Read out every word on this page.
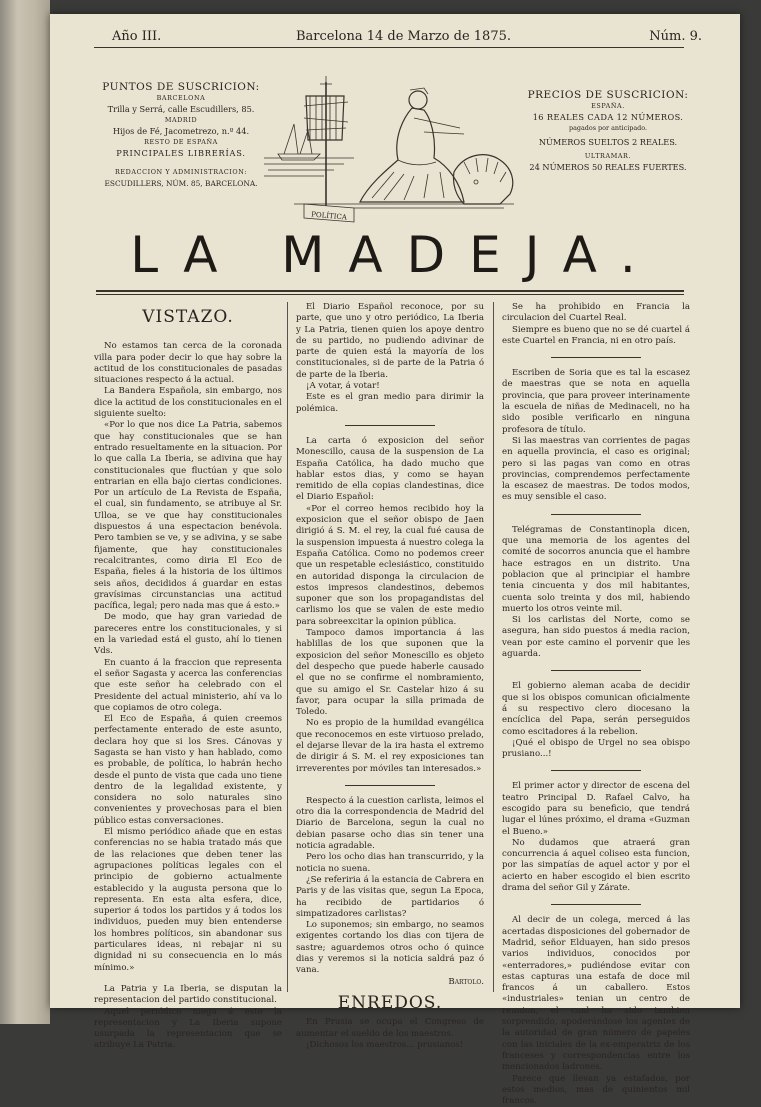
Año III.	Barcelona 14 de Marzo de 1875.	Núm. 9.
PUNTOS DE SUSCRICION:
BARCELONA
Trilla y Serrá, calle Escudillers, 85.
MADRID
Hijos de Fé, Jacometrezo, n.º 44.
RESTO DE ESPAÑA
PRINCIPALES LIBRERÍAS.
REDACCION Y ADMINISTRACION:
ESCUDILLERS, NÚM. 85, BARCELONA.
POLÍTICA
PRECIOS DE SUSCRICION:
ESPAÑA.
16 REALES CADA 12 NÚMEROS.
pagados por anticipado.
NÚMEROS SUELTOS 2 REALES.
ULTRAMAR.
24 NÚMEROS 50 REALES FUERTES.
LA MADEJA.
VISTAZO.

No estamos tan cerca de la coronada villa para poder decir lo que hay sobre la actitud de los constitucionales de pasadas situaciones respecto á la actual.

La Bandera Española, sin embargo, nos dice la actitud de los constitucionales en el siguiente suelto:

«Por lo que nos dice La Patria, sabemos que hay constitucionales que se han entrado resueltamente en la situacion. Por lo que calla La Iberia, se adivina que hay constitucionales que fluctúan y que solo entrarian en ella bajo ciertas condiciones. Por un artículo de La Revista de España, el cual, sin fundamento, se atribuye al Sr. Ulloa, se ve que hay constitucionales dispuestos á una espectacion benévola. Pero tambien se ve, y se adivina, y se sabe fijamente, que hay constitucionales recalcitrantes, como diria El Eco de España, fieles á la historia de los últimos seis años, decididos á guardar en estas gravísimas circunstancias una actitud pacífica, legal; pero nada mas que á esto.»

De modo, que hay gran variedad de pareceres entre los constitucionales, y si en la variedad está el gusto, ahí lo tienen Vds.

En cuanto á la fraccion que representa el señor Sagasta y acerca las conferencias que este señor ha celebrado con el Presidente del actual ministerio, ahí va lo que copiamos de otro colega.

El Eco de España, á quien creemos perfectamente enterado de este asunto, declara hoy que si los Sres. Cánovas y Sagasta se han visto y han hablado, como es probable, de política, lo habrán hecho desde el punto de vista que cada uno tiene dentro de la legalidad existente, y considera no solo naturales sino convenientes y provechosas para el bien público estas conversaciones.

El mismo periódico añade que en estas conferencias no se habia tratado más que de las relaciones que deben tener las agrupaciones políticas legales con el principio de gobierno actualmente establecido y la augusta persona que lo representa. En esta alta esfera, dice, superior á todos los partidos y á todos los individuos, pueden muy bien entenderse los hombres políticos, sin abandonar sus particulares ideas, ni rebajar ni su dignidad ni su consecuencia en lo más mínimo.»

La Patria y La Iberia, se disputan la representacion del partido constitucional.

Aquel periódico niega á este la representacion y La Iberia supone usurpada la representacion que se atribuye La Patria.

El Diario Español reconoce, por su parte, que uno y otro periódico, La Iberia y La Patria, tienen quien los apoye dentro de su partido, no pudiendo adivinar de parte de quien está la mayoría de los constitucionales, si de parte de la Patria ó de parte de la Iberia.

¡A votar, á votar!

Este es el gran medio para dirimir la polémica.

La carta ó exposicion del señor Monescillo, causa de la suspension de La España Católica, ha dado mucho que hablar estos dias, y como se hayan remitido de ella copias clandestinas, dice el Diario Español:

«Por el correo hemos recibido hoy la exposicion que el señor obispo de Jaen dirigió á S. M. el rey, la cual fué causa de la suspension impuesta á nuestro colega la España Católica. Como no podemos creer que un respetable eclesiástico, constituido en autoridad disponga la circulacion de estos impresos clandestinos, debemos suponer que son los propagandistas del carlismo los que se valen de este medio para sobreexcitar la opinion pública.

Tampoco damos importancia á las hablillas de los que suponen que la exposicion del señor Monescillo es objeto del despecho que puede haberle causado el que no se confirme el nombramiento, que su amigo el Sr. Castelar hizo á su favor, para ocupar la silla primada de Toledo.

No es propio de la humildad evangélica que reconocemos en este virtuoso prelado, el dejarse llevar de la ira hasta el extremo de dirigir á S. M. el rey exposiciones tan irreverentes por móviles tan interesados.»

Respecto á la cuestion carlista, leimos el otro dia la correspondencia de Madrid del Diario de Barcelona, segun la cual no debian pasarse ocho dias sin tener una noticia agradable.

Pero los ocho dias han transcurrido, y la noticia no suena.

¿Se referiria á la estancia de Cabrera en Paris y de las visitas que, segun La Epoca, ha recibido de partidarios ó simpatizadores carlistas?

Lo suponemos; sin embargo, no seamos exigentes cortando los dias con tijera de sastre; aguardemos otros ocho ó quince dias y veremos si la noticia saldrá paz ó vana.

Bartolo.

ENREDOS.

En Prusia se ocupa el Congreso de aumentar el sueldo de los maestros.

¡Dichosos los maestros... prusianos!

Se ha prohibido en Francia la circulacion del Cuartel Real.

Siempre es bueno que no se dé cuartel á este Cuartel en Francia, ni en otro país.

Escriben de Soria que es tal la escasez de maestras que se nota en aquella provincia, que para proveer interinamente la escuela de niñas de Medinaceli, no ha sido posible verificarlo en ninguna profesora de título.

Si las maestras van corrientes de pagas en aquella provincia, el caso es original; pero si las pagas van como en otras provincias, comprendemos perfectamente la escasez de maestras. De todos modos, es muy sensible el caso.

Telégramas de Constantinopla dicen, que una memoria de los agentes del comité de socorros anuncia que el hambre hace estragos en un distrito. Una poblacion que al principiar el hambre tenia cincuenta y dos mil habitantes, cuenta solo treinta y dos mil, habiendo muerto los otros veinte mil.

Si los carlistas del Norte, como se asegura, han sido puestos á media racion, vean por este camino el porvenir que les aguarda.

El gobierno aleman acaba de decidir que si los obispos comunican oficialmente á su respectivo clero diocesano la encíclica del Papa, serán perseguidos como escitadores á la rebelion.

¡Qué el obispo de Urgel no sea obispo prusiano...!

El primer actor y director de escena del teatro Principal D. Rafael Calvo, ha escogido para su beneficio, que tendrá lugar el lúnes próximo, el drama «Guzman el Bueno.»

No dudamos que atraerá gran concurrencia á aquel coliseo esta funcion, por las simpatías de aquel actor y por el acierto en haber escogido el bien escrito drama del señor Gil y Zárate.

Al decir de un colega, merced á las acertadas disposiciones del gobernador de Madrid, señor Elduayen, han sido presos varios individuos, conocidos por «enterradores,» pudiéndose evitar con estas capturas una estafa de doce mil francos á un caballero. Estos «industriales» tenian un centro de reunion, el cual ha sido tambien sorprendido, apoderándose los agentes de la autoridad de gran número de papeles con las iniciales de la ex-emperatriz de los franceses y correspondencias entre los mencionados ladrones.

Parece que llevan ya estafados, por estos medios, mas de quinientos mil francos.
